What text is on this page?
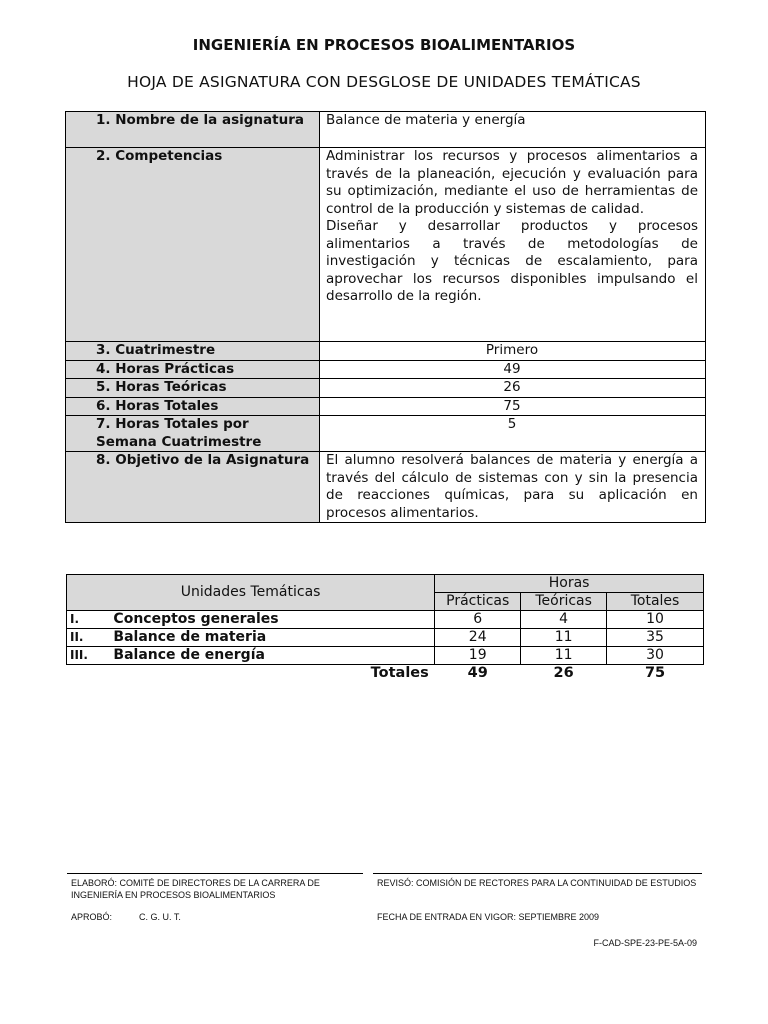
INGENIERÍA EN PROCESOS BIOALIMENTARIOS
HOJA DE ASIGNATURA CON DESGLOSE DE UNIDADES TEMÁTICAS
1. Nombre de la asignatura	Balance de materia y energía
2. Competencias	Administrar los recursos y procesos alimentarios a través de la planeación, ejecución y evaluación para su optimización, mediante el uso de herramientas de control de la producción y sistemas de calidad.
Diseñar y desarrollar productos y procesos alimentarios a través de metodologías de investigación y técnicas de escalamiento, para aprovechar los recursos disponibles impulsando el desarrollo de la región.

3. Cuatrimestre	Primero
4. Horas Prácticas	49
5. Horas Teóricas	26
6. Horas Totales	75
7. Horas Totales por Semana Cuatrimestre	5
8. Objetivo de la Asignatura	El alumno resolverá balances de materia y energía a través del cálculo de sistemas con y sin la presencia de reacciones químicas, para su aplicación en procesos alimentarios.
Unidades Temáticas		Horas		
		Prácticas	Teóricas	Totales
I.	Conceptos generales	6	4	10
II.	Balance de materia	24	11	35
III.	Balance de energía	19	11	30
Totales		49	26	75
ELABORÓ: COMITÉ DE DIRECTORES DE LA CARRERA DE INGENIERÍA EN PROCESOS BIOALIMENTARIOS
REVISÓ: COMISIÓN DE RECTORES PARA LA CONTINUIDAD DE ESTUDIOS
APROBÓ:	C. G. U. T.	FECHA DE ENTRADA EN VIGOR: SEPTIEMBRE 2009
F-CAD-SPE-23-PE-5A-09
